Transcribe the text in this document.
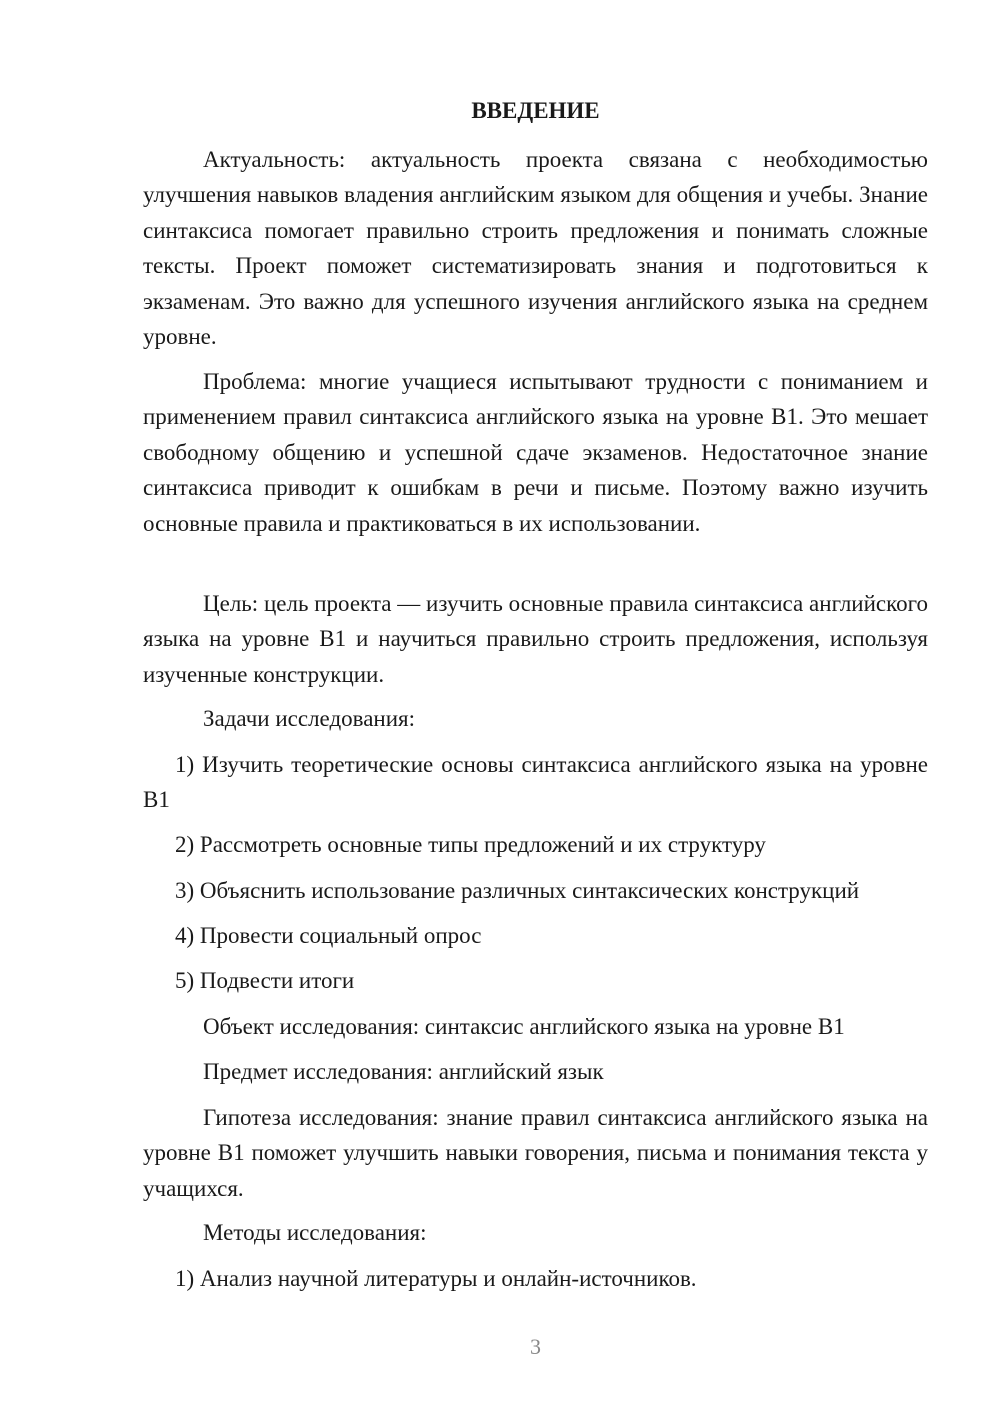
ВВЕДЕНИЕ

Актуальность: актуальность проекта связана с необходимостью улучшения навыков владения английским языком для общения и учебы. Знание синтаксиса помогает правильно строить предложения и понимать сложные тексты. Проект поможет систематизировать знания и подготовиться к экзаменам. Это важно для успешного изучения английского языка на среднем уровне.

Проблема: многие учащиеся испытывают трудности с пониманием и применением правил синтаксиса английского языка на уровне B1. Это мешает свободному общению и успешной сдаче экзаменов. Недостаточное знание синтаксиса приводит к ошибкам в речи и письме. Поэтому важно изучить основные правила и практиковаться в их использовании.

Цель: цель проекта — изучить основные правила синтаксиса английского языка на уровне B1 и научиться правильно строить предложения, используя изученные конструкции.

Задачи исследования:

1) Изучить теоретические основы синтаксиса английского языка на уровне B1

2) Рассмотреть основные типы предложений и их структуру

3) Объяснить использование различных синтаксических конструкций

4) Провести социальный опрос

5) Подвести итоги

Объект исследования: синтаксис английского языка на уровне B1

Предмет исследования: английский язык

Гипотеза исследования: знание правил синтаксиса английского языка на уровне B1 поможет улучшить навыки говорения, письма и понимания текста у учащихся.

Методы исследования:

1) Анализ научной литературы и онлайн-источников.

3
